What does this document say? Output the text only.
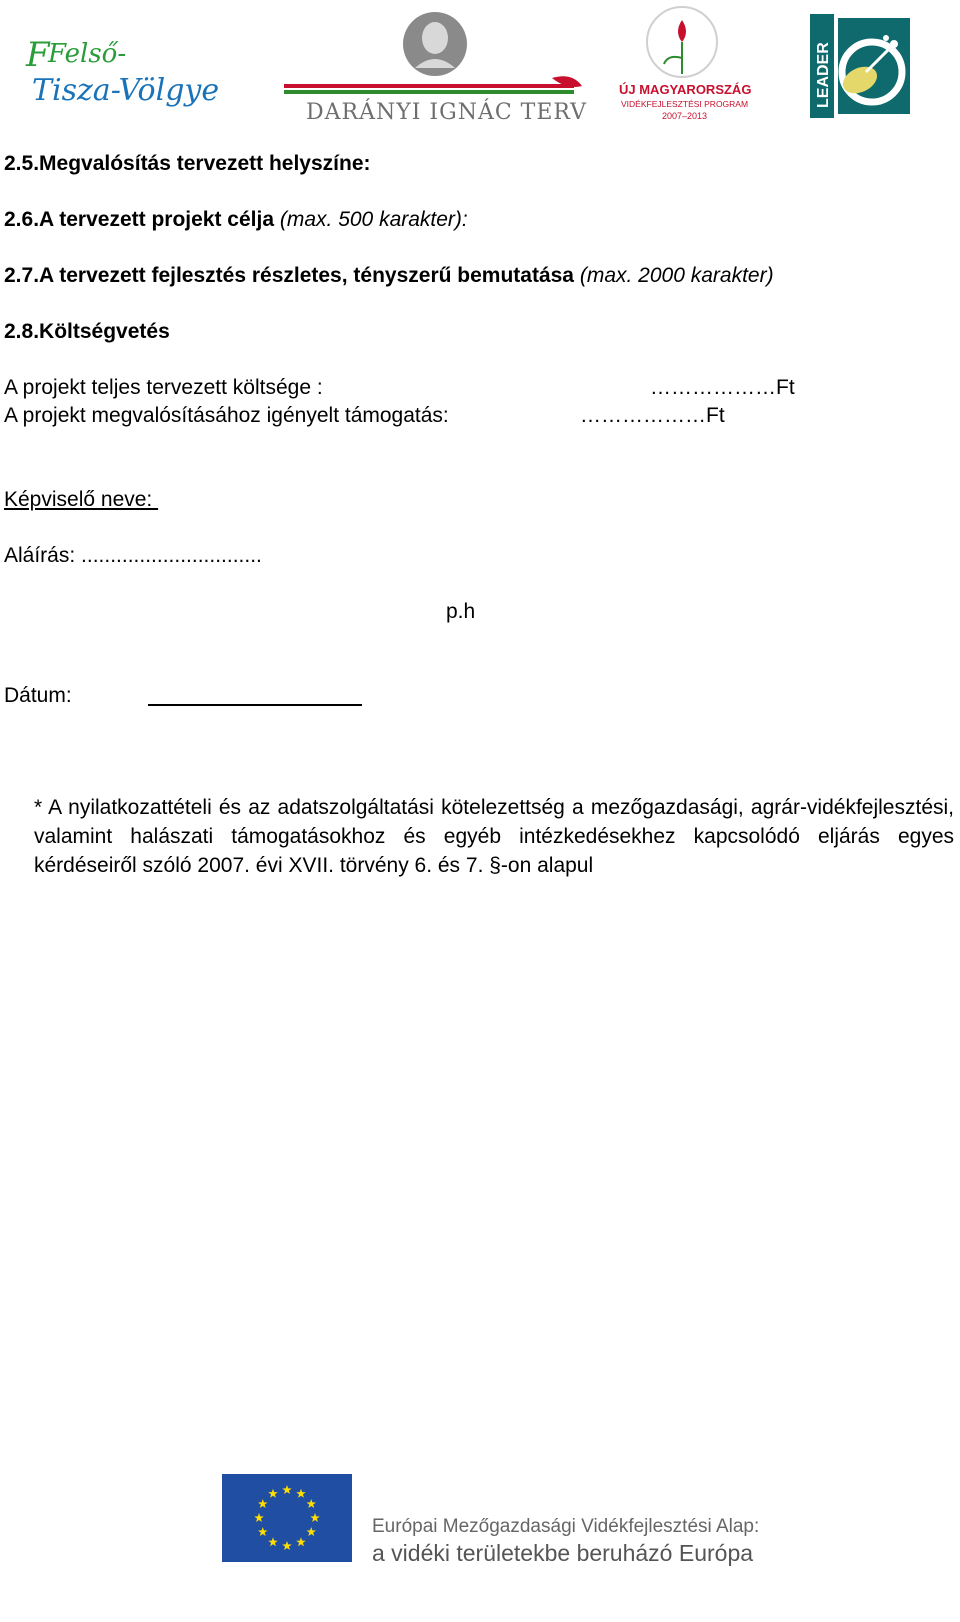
F
Felső-
Tisza-Völgye
DARÁNYI IGNÁC TERV
ÚJ MAGYARORSZÁG
VIDÉKFEJLESZTÉSI PROGRAM
2007–2013
LEADER
2.5.Megvalósítás tervezett helyszíne:
2.6.A tervezett projekt célja (max. 500 karakter):
2.7.A tervezett fejlesztés részletes, tényszerű bemutatása (max. 2000 karakter)
2.8.Költségvetés
A projekt teljes tervezett költsége :	………………Ft
A projekt megvalósításához igényelt támogatás:	………………Ft
Képviselő neve:
Aláírás: ...............................
p.h
Dátum:
* A nyilatkozattételi és az adatszolgáltatási kötelezettség a mezőgazdasági, agrár-vidékfejlesztési, valamint halászati támogatásokhoz és egyéb intézkedésekhez kapcsolódó eljárás egyes kérdéseiről szóló 2007. évi XVII. törvény 6. és 7. §-on alapul
Európai Mezőgazdasági Vidékfejlesztési Alap:
a vidéki területekbe beruházó Európa
